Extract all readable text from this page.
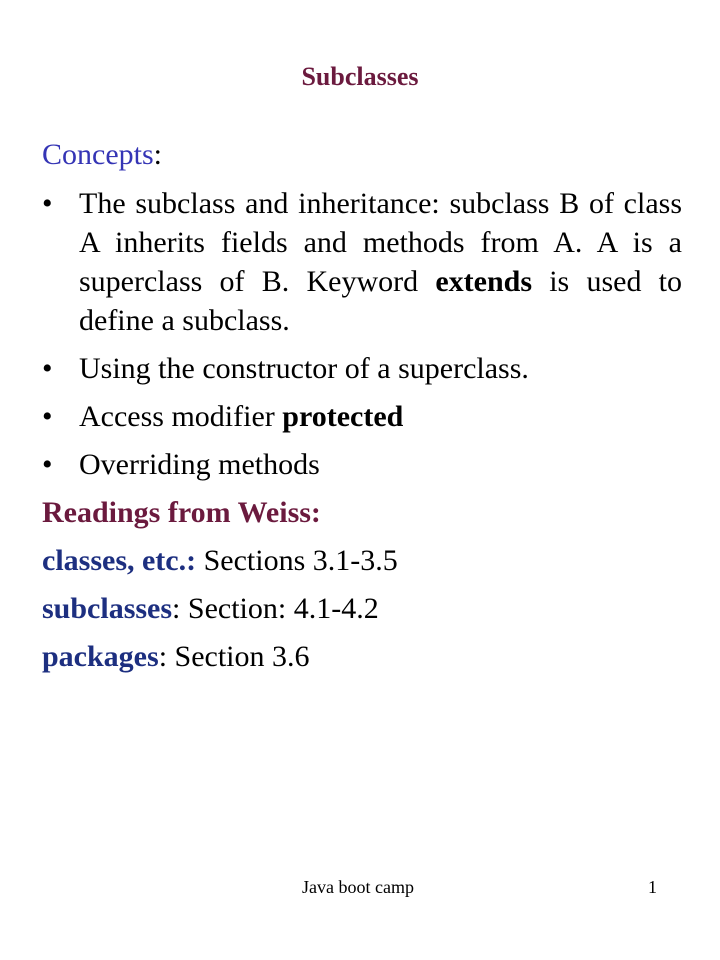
Subclasses
Concepts:
• The subclass and inheritance: subclass B of class A inherits fields and methods from A. A is a superclass of B. Keyword extends is used to define a subclass.
• Using the constructor of a superclass.
• Access modifier protected
• Overriding methods
Readings from Weiss:
classes, etc.: Sections 3.1-3.5
subclasses: Section: 4.1-4.2
packages: Section 3.6
Java boot camp	1
